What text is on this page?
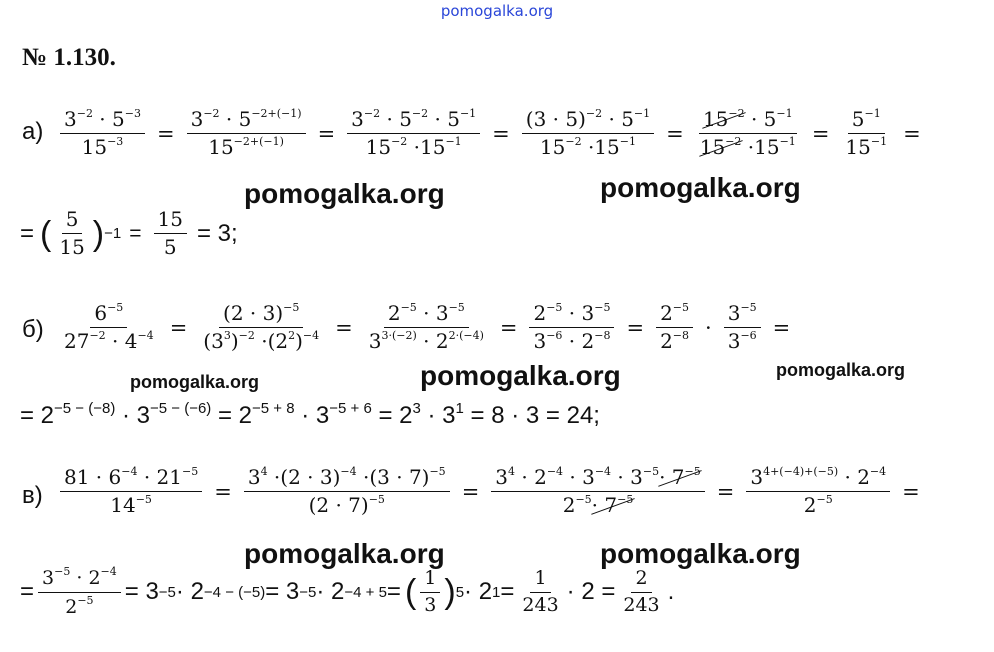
pomogalka.org
№ 1.130.
$а) \frac{3^{-2} \cdot 5^{-3}}{15^{-3}} = \frac{3^{-2} \cdot 5^{-2+(-1)}}{15^{-2+(-1)}} = \frac{3^{-2} \cdot 5^{-2} \cdot 5^{-1}}{15^{-2} \cdot 15^{-1}} = \frac{(3 \cdot 5)^{-2} \cdot 5^{-1}}{15^{-2} \cdot 15^{-1}} = \frac{15^{-2} \cdot 5^{-1}}{15^{-2} \cdot 15^{-1}} = \frac{5^{-1}}{15^{-1}}$ =
pomogalka.org	pomogalka.org
= ( $\frac{5}{15}$ ) $-1 = \frac{15}{5} = 3$;
$б) \frac{6^{-5}}{27^{-2} \cdot 4^{-4}} = \frac{(2 \cdot 3)^{-5}}{(3^3)^{-2} \cdot(2^2)^{-4}} = \frac{2^{-5} \cdot 3^{-5}}{3^{3\cdot(-2)} \cdot 2^{2\cdot(-4)}} = \frac{2^{-5} \cdot 3^{-5}}{3^{-6} \cdot 2^{-8}} = \frac{2^{-5}}{2^{-8}} \cdot \frac{3^{-5}}{3^{-6}}$ =
pomogalka.org	pomogalka.org	pomogalka.org
= $2^{-5 - (-8)} \cdot 3^{-5 - (-6)} = 2^{-5 + 8} \cdot 3^{-5 + 6} = 2^3 \cdot 3^1 = 8 \cdot 3 = 24$;
$в) \frac{81 \cdot 6^{-4} \cdot 21^{-5}}{14^{-5}} = \frac{3^4 \cdot(2 \cdot 3)^{-4} \cdot(3 \cdot 7)^{-5}}{(2 \cdot 7)^{-5}} = \frac{3^4 \cdot 2^{-4} \cdot 3^{-4} \cdot 3^{-5}\cdot 7^{-5}}{2^{-5}\cdot 7^{-5}} = \frac{3^{4+(-4)+(-5)} \cdot 2^{-4}}{2^{-5}}$ =
pomogalka.org	pomogalka.org
= $\frac{3^{-5} \cdot 2^{-4}}{2^{-5}} = 3 -5 \cdot 2 -4 - (-5) = 3 -5 \cdot 2 -4 + 5$ = ( $\frac{1}{3}$ ) 5 · 2 $1 = \frac{1}{243} \cdot 2 = \frac{2}{243}$ .
